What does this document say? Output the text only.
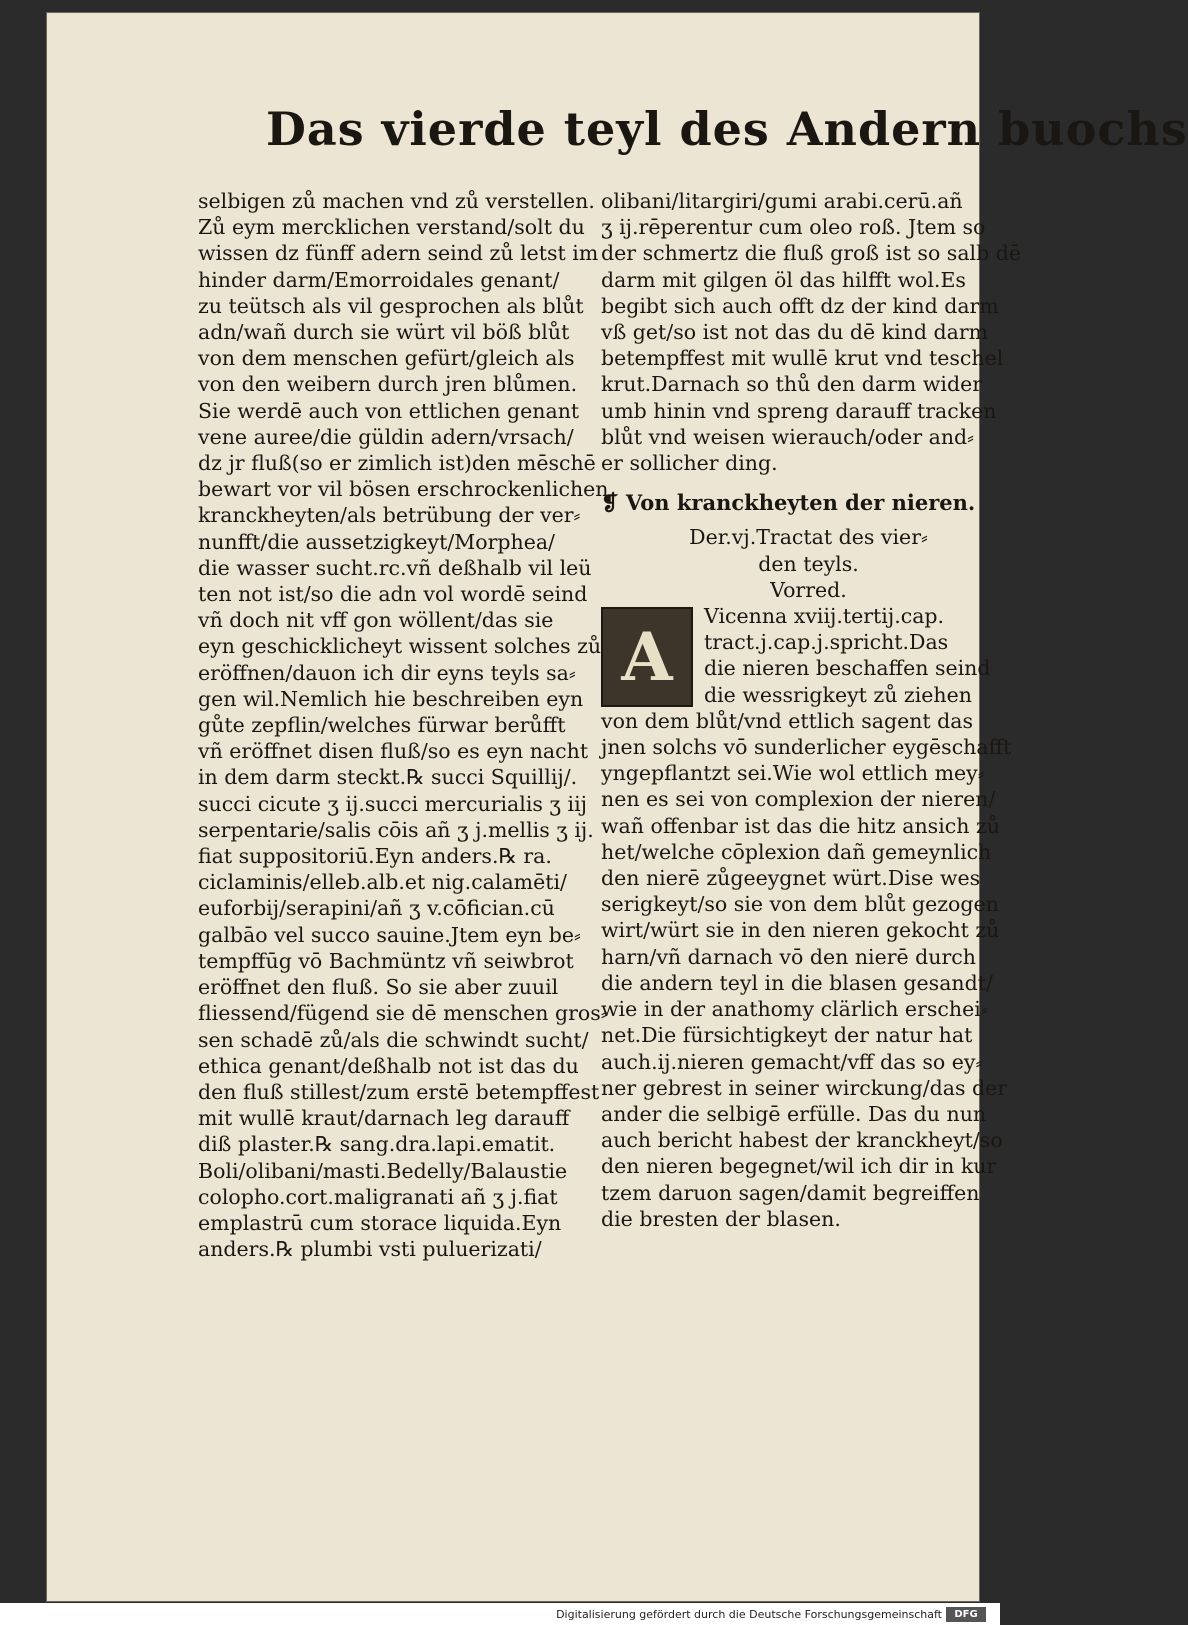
Das vierde teyl des Andern buochs
selbigen zů machen vnd zů verstellen.
Zů eym mercklichen verstand/solt du
wissen dz fünff adern seind zů letst im
hinder darm/Emorroidales genant/
zu teütsch als vil gesprochen als blůt
adn/wañ durch sie würt vil böß blůt
von dem menschen gefürt/gleich als
von den weibern durch jren blůmen.
Sie werdē auch von ettlichen genant
vene auree/die güldin adern/vrsach/
dz jr fluß(so er zimlich ist)den mēschē
bewart vor vil bösen erschrockenlichen
kranckheyten/als betrübung der ver⸗
nunfft/die aussetzigkeyt/Morphea/
die wasser sucht.rc.vñ deßhalb vil leü
ten not ist/so die adn vol wordē seind
vñ doch nit vff gon wöllent/das sie
eyn geschicklicheyt wissent solches zů
eröffnen/dauon ich dir eyns teyls sa⸗
gen wil.Nemlich hie beschreiben eyn
gůte zepflin/welches fürwar berůfft
vñ eröffnet disen fluß/so es eyn nacht
in dem darm steckt.℞ succi Squillij/.
succi cicute ʒ ij.succi mercurialis ʒ iij
serpentarie/salis cōis añ ʒ j.mellis ʒ ij.
fiat suppositoriū.Eyn anders.℞ ra.
ciclaminis/elleb.alb.et nig.calamēti/
euforbij/serapini/añ ʒ v.cōfician.cū
galbāo vel succo sauine.Jtem eyn be⸗
tempffūg vō Bachmüntz vñ seiwbrot
eröffnet den fluß. So sie aber zuuil
fliessend/fügend sie dē menschen gros⸗
sen schadē zů/als die schwindt sucht/
ethica genant/deßhalb not ist das du
den fluß stillest/zum erstē betempffest
mit wullē kraut/darnach leg darauff
diß plaster.℞ sang.dra.lapi.ematit.
Boli/olibani/masti.Bedelly/Balaustie
colopho.cort.maligranati añ ʒ j.fiat
emplastrū cum storace liquida.Eyn
anders.℞ plumbi vsti puluerizati/
olibani/litargiri/gumi arabi.cerū.añ
ʒ ij.rēperentur cum oleo roß. Jtem so
der schmertz die fluß groß ist so salb dē
darm mit gilgen öl das hilfft wol.Es
begibt sich auch offt dz der kind darm
vß get/so ist not das du dē kind darm
betempffest mit wullē krut vnd teschel
krut.Darnach so thů den darm wider
umb hinin vnd spreng darauff tracken
blůt vnd weisen wierauch/oder and⸗
er sollicher ding.
❡ Von kranckheyten der nieren.
Der.vj.Tractat des vier⸗
den teyls.
Vorred.
A
Vicenna xviij.tertij.cap.
tract.j.cap.j.spricht.Das
die nieren beschaffen seind
die wessrigkeyt zů ziehen
von dem blůt/vnd ettlich sagent das
jnen solchs vō sunderlicher eygēschafft
yngepflantzt sei.Wie wol ettlich mey⸗
nen es sei von complexion der nieren/
wañ offenbar ist das die hitz ansich zů
het/welche cōplexion dañ gemeynlich
den nierē zůgeeygnet würt.Dise wes
serigkeyt/so sie von dem blůt gezogen
wirt/würt sie in den nieren gekocht zů
harn/vñ darnach vō den nierē durch
die andern teyl in die blasen gesandt/
wie in der anathomy clärlich erschei⸗
net.Die fürsichtigkeyt der natur hat
auch.ij.nieren gemacht/vff das so ey⸗
ner gebrest in seiner wirckung/das der
ander die selbigē erfülle. Das du nun
auch bericht habest der kranckheyt/so
den nieren begegnet/wil ich dir in kur
tzem daruon sagen/damit begreiffen
die bresten der blasen.
Digitalisierung gefördert durch die Deutsche Forschungsgemeinschaft	DFG
